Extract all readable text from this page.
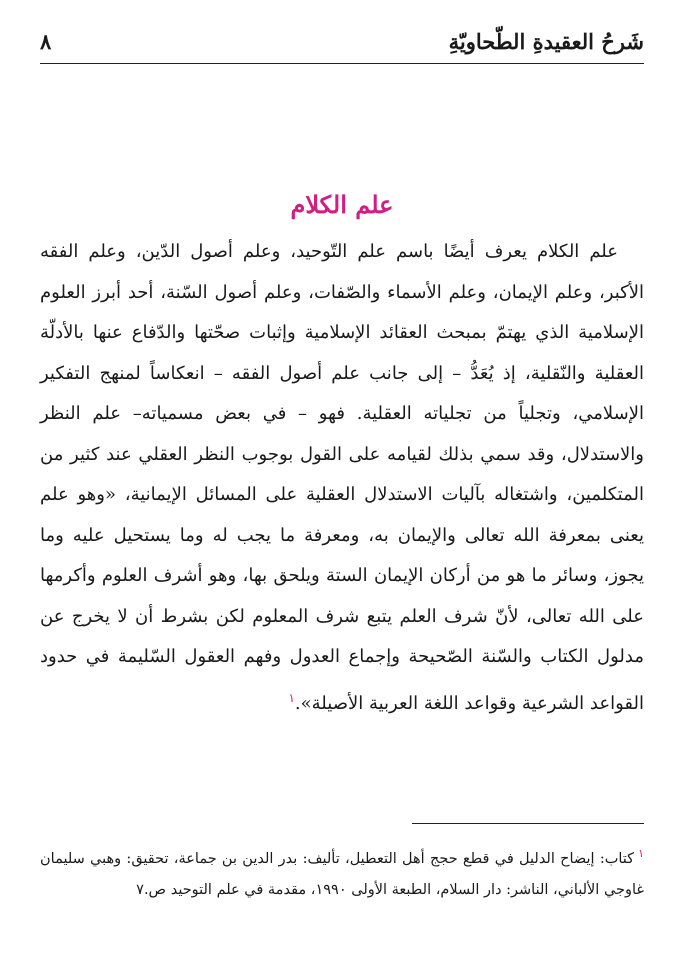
شَرحُ العقيدةِ الطّحاويّةِ
٨
علم الكلام

علم الكلام يعرف أيضًا باسم علم التّوحيد، وعلم أصول الدّين، وعلم الفقه الأكبر، وعلم الإيمان، وعلم الأسماء والصّفات، وعلم أصول السّنة، أحد أبرز العلوم الإسلامية الذي يهتمّ بمبحث العقائد الإسلامية وإثبات صحّتها والدّفاع عنها بالأدلّة العقلية والنّقلية، إذ يُعَدُّ – إلى جانب علم أصول الفقه – انعكاساً لمنهج التفكير الإسلامي، وتجلياً من تجلياته العقلية. فهو – في بعض مسمياته– علم النظر والاستدلال، وقد سمي بذلك لقيامه على القول بوجوب النظر العقلي عند كثير من المتكلمين، واشتغاله بآليات الاستدلال العقلية على المسائل الإيمانية، «وهو علم يعنى بمعرفة الله تعالى والإيمان به، ومعرفة ما يجب له وما يستحيل عليه وما يجوز، وسائر ما هو من أركان الإيمان الستة ويلحق بها، وهو أشرف العلوم وأكرمها على الله تعالى، لأنّ شرف العلم يتبع شرف المعلوم لكن بشرط أن لا يخرج عن مدلول الكتاب والسّنة الصّحيحة وإجماع العدول وفهم العقول السّليمة في حدود القواعد الشرعية وقواعد اللغة العربية الأصيلة».$^١$

$^١$كتاب: إيضاح الدليل في قطع حجج أهل التعطيل، تأليف: بدر الدين بن جماعة، تحقيق: وهبي سليمان غاوجي الألباني، الناشر: دار السلام، الطبعة الأولى ١٩٩٠، مقدمة في علم التوحيد ص.٧
